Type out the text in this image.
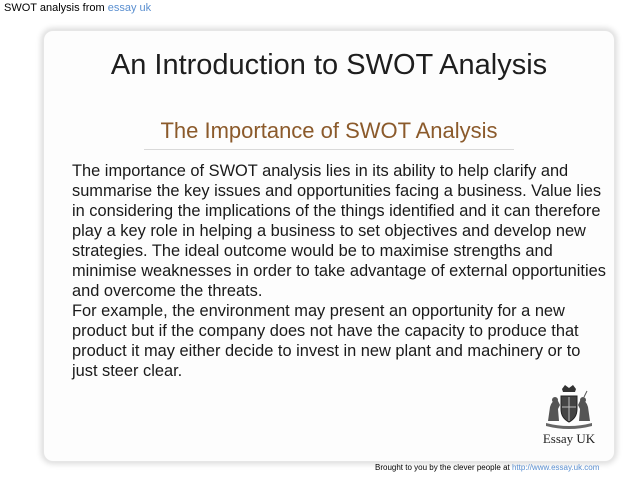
SWOT analysis from essay uk
An Introduction to SWOT Analysis
The Importance of SWOT Analysis

The importance of SWOT analysis lies in its ability to help clarify and summarise the key issues and opportunities facing a business. Value lies in considering the implications of the things identified and it can therefore play a key role in helping a business to set objectives and develop new strategies. The ideal outcome would be to maximise strengths and minimise weaknesses in order to take advantage of external opportunities and overcome the threats.

For example, the environment may present an opportunity for a new product but if the company does not have the capacity to produce that product it may either decide to invest in new plant and machinery or to just steer clear.

Essay UK
Brought to you by the clever people at http://www.essay.uk.com
